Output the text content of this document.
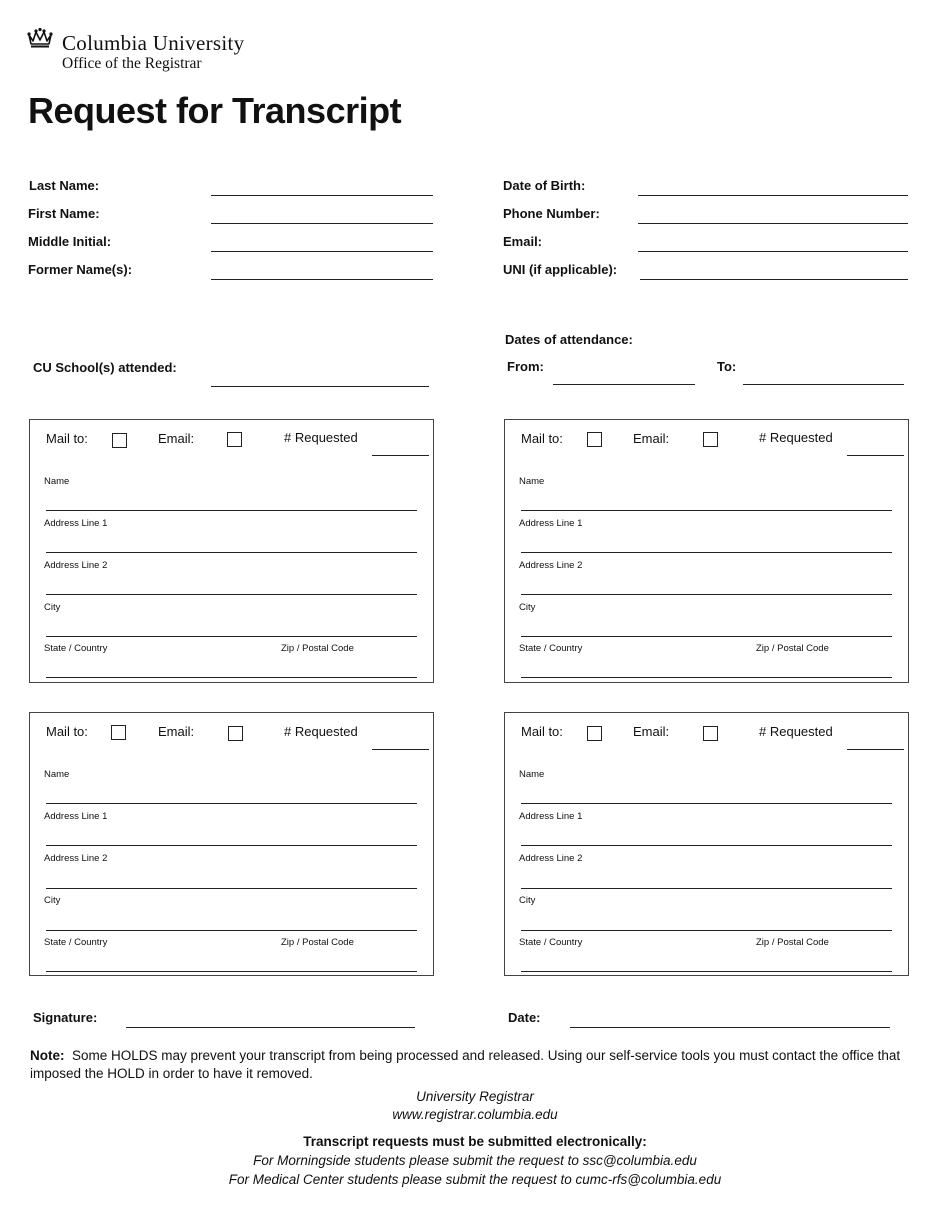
Columbia University
Office of the Registrar
Request for Transcript
Last Name:
First Name:
Middle Initial:
Former Name(s):
Date of Birth:
Phone Number:
Email:
UNI (if applicable):
Dates of attendance:
CU School(s) attended:	From:	To:
Mail to:	Email:	# Requested
Name
Address Line 1
Address Line 2
City
State / Country	Zip / Postal Code
Mail to:	Email:	# Requested
Name
Address Line 1
Address Line 2
City
State / Country	Zip / Postal Code
Mail to:	Email:	# Requested
Name
Address Line 1
Address Line 2
City
State / Country	Zip / Postal Code
Mail to:	Email:	# Requested
Name
Address Line 1
Address Line 2
City
State / Country	Zip / Postal Code
Signature:	Date:
Note: Some HOLDS may prevent your transcript from being processed and released. Using our self-service tools you must contact the office that imposed the HOLD in order to have it removed.
University Registrar
www.registrar.columbia.edu
Transcript requests must be submitted electronically:
For Morningside students please submit the request to ssc@columbia.edu
For Medical Center students please submit the request to cumc-rfs@columbia.edu
